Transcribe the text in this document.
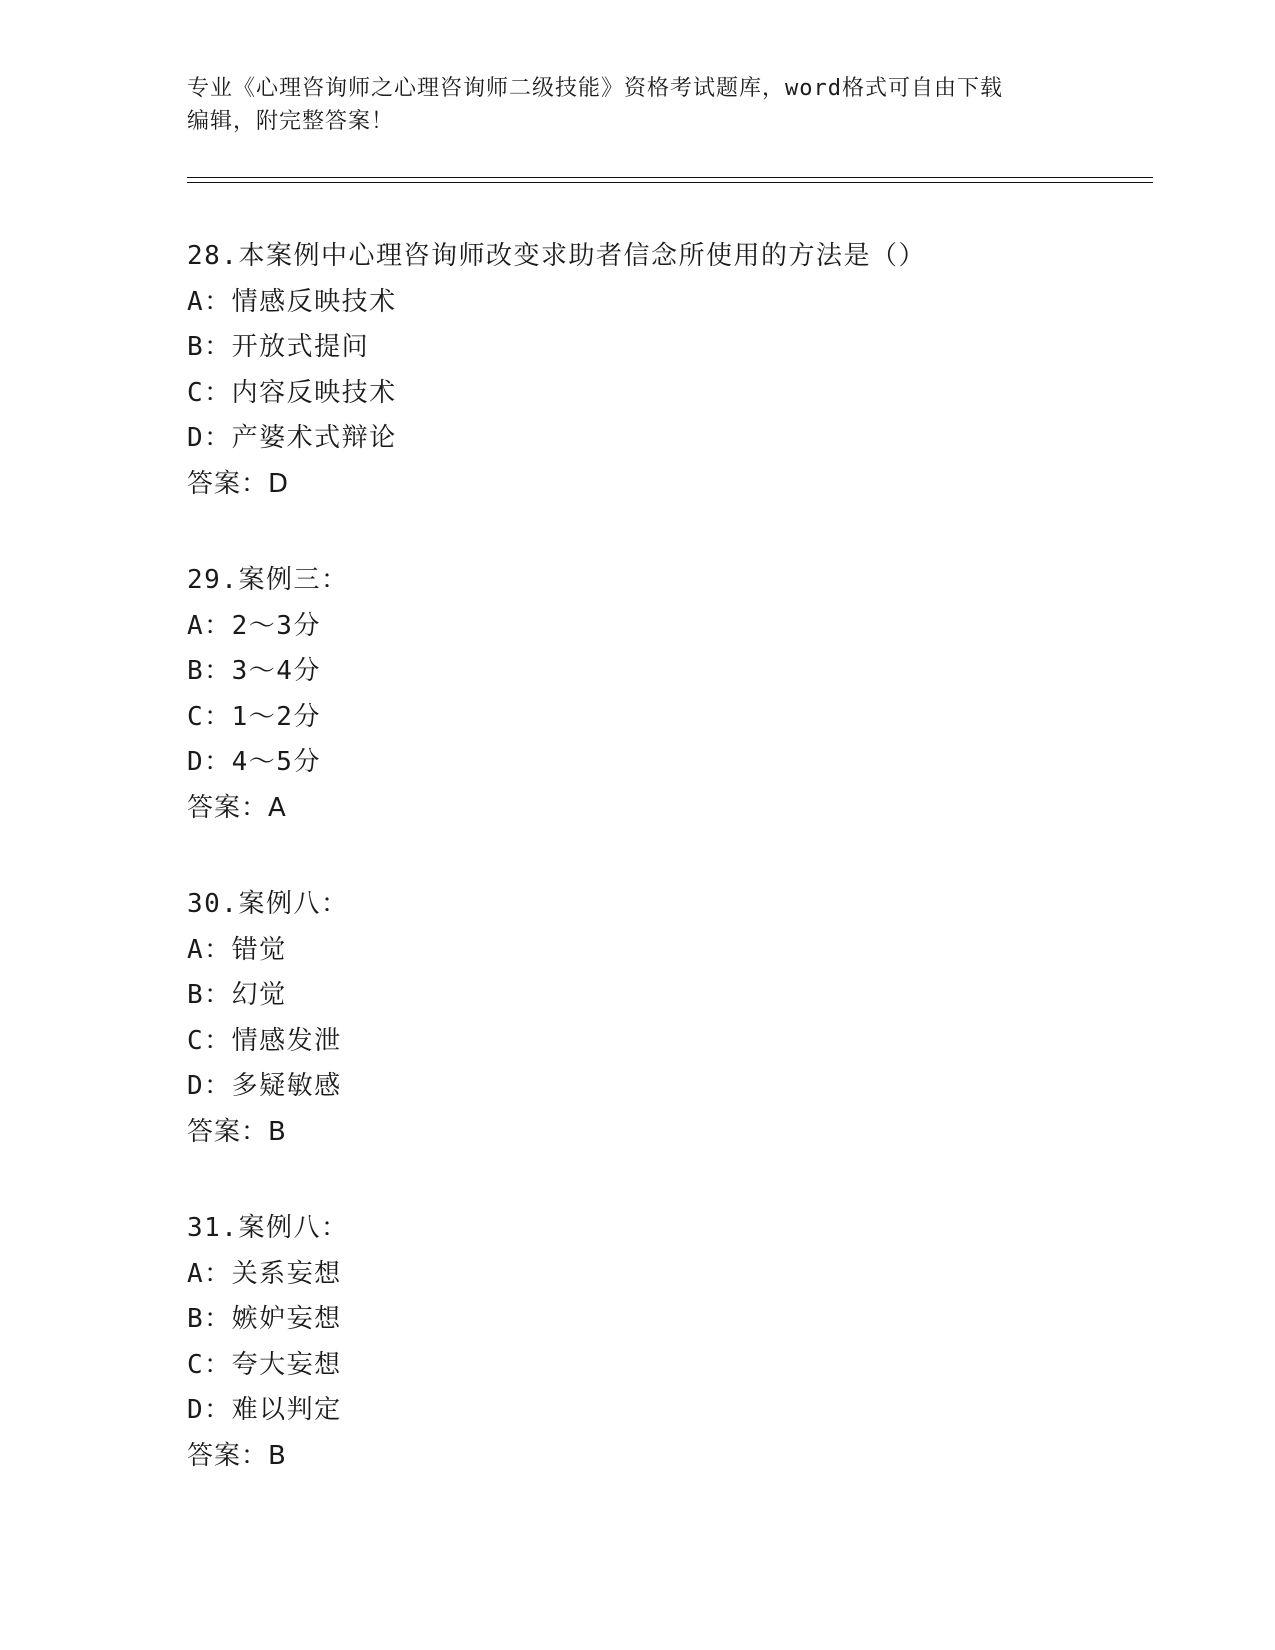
专业《心理咨询师之心理咨询师二级技能》资格考试题库，word格式可自由下载
编辑，附完整答案！
28.本案例中心理咨询师改变求助者信念所使用的方法是（）
A：情感反映技术
B：开放式提问
C：内容反映技术
D：产婆术式辩论
答案：D
29.案例三：
A：2～3分
B：3～4分
C：1～2分
D：4～5分
答案：A
30.案例八：
A：错觉
B：幻觉
C：情感发泄
D：多疑敏感
答案：B
31.案例八：
A：关系妄想
B：嫉妒妄想
C：夸大妄想
D：难以判定
答案：B
